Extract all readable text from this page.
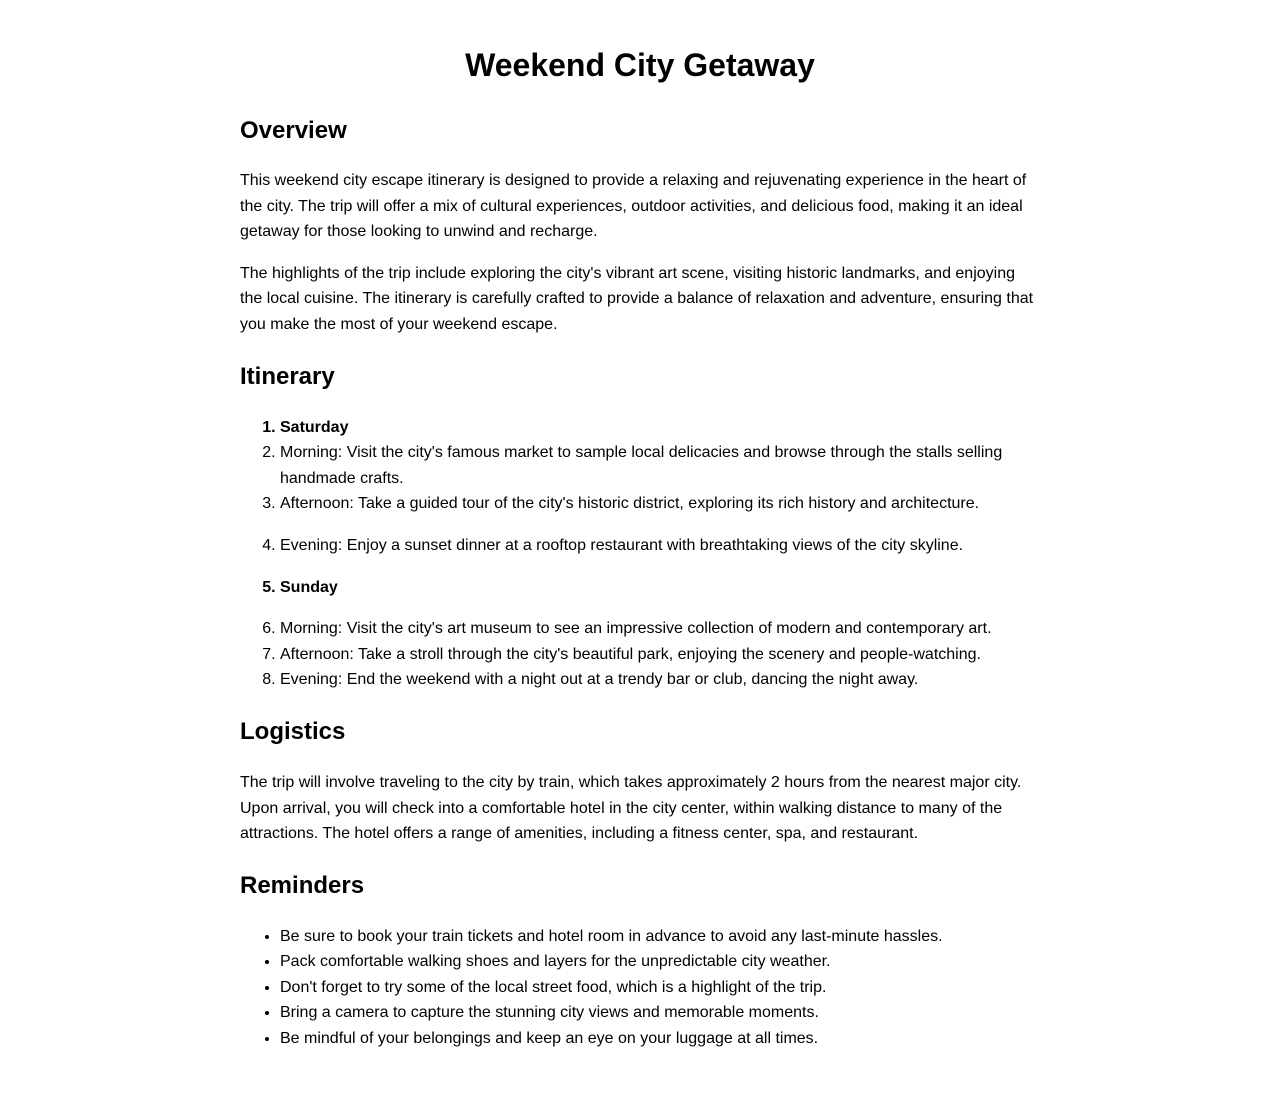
Weekend City Getaway
Overview

This weekend city escape itinerary is designed to provide a relaxing and rejuvenating experience in the heart of the city. The trip will offer a mix of cultural experiences, outdoor activities, and delicious food, making it an ideal getaway for those looking to unwind and recharge.

The highlights of the trip include exploring the city's vibrant art scene, visiting historic landmarks, and enjoying the local cuisine. The itinerary is carefully crafted to provide a balance of relaxation and adventure, ensuring that you make the most of your weekend escape.

Itinerary
1. Saturday
2. Morning: Visit the city's famous market to sample local delicacies and browse through the stalls selling handmade crafts.
3. Afternoon: Take a guided tour of the city's historic district, exploring its rich history and architecture.
4. Evening: Enjoy a sunset dinner at a rooftop restaurant with breathtaking views of the city skyline.
5. Sunday
6. Morning: Visit the city's art museum to see an impressive collection of modern and contemporary art.
7. Afternoon: Take a stroll through the city's beautiful park, enjoying the scenery and people-watching.
8. Evening: End the weekend with a night out at a trendy bar or club, dancing the night away.
Logistics

The trip will involve traveling to the city by train, which takes approximately 2 hours from the nearest major city. Upon arrival, you will check into a comfortable hotel in the city center, within walking distance to many of the attractions. The hotel offers a range of amenities, including a fitness center, spa, and restaurant.

Reminders
• Be sure to book your train tickets and hotel room in advance to avoid any last-minute hassles.
• Pack comfortable walking shoes and layers for the unpredictable city weather.
• Don't forget to try some of the local street food, which is a highlight of the trip.
• Bring a camera to capture the stunning city views and memorable moments.
• Be mindful of your belongings and keep an eye on your luggage at all times.
